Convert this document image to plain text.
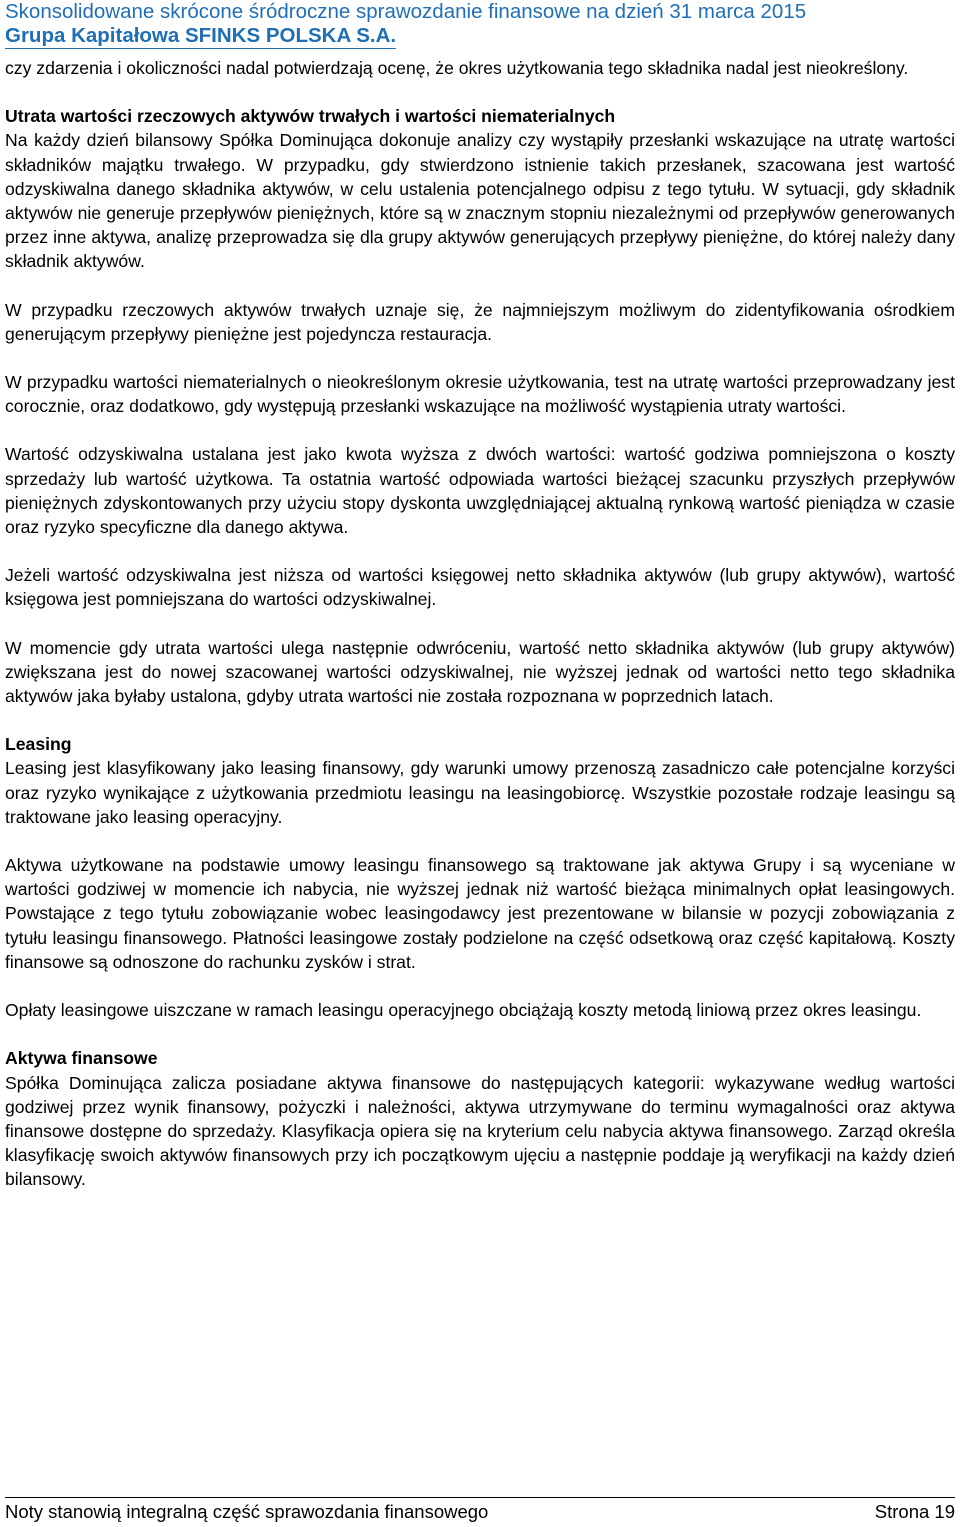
Skonsolidowane skrócone śródroczne sprawozdanie finansowe na dzień 31 marca 2015
Grupa Kapitałowa SFINKS POLSKA S.A.

czy zdarzenia i okoliczności nadal potwierdzają ocenę, że okres użytkowania tego składnika nadal jest nieokreślony.

Utrata wartości rzeczowych aktywów trwałych i wartości niematerialnych

Na każdy dzień bilansowy Spółka Dominująca dokonuje analizy czy wystąpiły przesłanki wskazujące na utratę wartości składników majątku trwałego. W przypadku, gdy stwierdzono istnienie takich przesłanek, szacowana jest wartość odzyskiwalna danego składnika aktywów, w celu ustalenia potencjalnego odpisu z tego tytułu. W sytuacji, gdy składnik aktywów nie generuje przepływów pieniężnych, które są w znacznym stopniu niezależnymi od przepływów generowanych przez inne aktywa, analizę przeprowadza się dla grupy aktywów generujących przepływy pieniężne, do której należy dany składnik aktywów.

W przypadku rzeczowych aktywów trwałych uznaje się, że najmniejszym możliwym do zidentyfikowania ośrodkiem generującym przepływy pieniężne jest pojedyncza restauracja.

W przypadku wartości niematerialnych o nieokreślonym okresie użytkowania, test na utratę wartości przeprowadzany jest corocznie, oraz dodatkowo, gdy występują przesłanki wskazujące na możliwość wystąpienia utraty wartości.

Wartość odzyskiwalna ustalana jest jako kwota wyższa z dwóch wartości: wartość godziwa pomniejszona o koszty sprzedaży lub wartość użytkowa. Ta ostatnia wartość odpowiada wartości bieżącej szacunku przyszłych przepływów pieniężnych zdyskontowanych przy użyciu stopy dyskonta uwzględniającej aktualną rynkową wartość pieniądza w czasie oraz ryzyko specyficzne dla danego aktywa.

Jeżeli wartość odzyskiwalna jest niższa od wartości księgowej netto składnika aktywów (lub grupy aktywów), wartość księgowa jest pomniejszana do wartości odzyskiwalnej.

W momencie gdy utrata wartości ulega następnie odwróceniu, wartość netto składnika aktywów (lub grupy aktywów) zwiększana jest do nowej szacowanej wartości odzyskiwalnej, nie wyższej jednak od wartości netto tego składnika aktywów jaka byłaby ustalona, gdyby utrata wartości nie została rozpoznana w poprzednich latach.

Leasing

Leasing jest klasyfikowany jako leasing finansowy, gdy warunki umowy przenoszą zasadniczo całe potencjalne korzyści oraz ryzyko wynikające z użytkowania przedmiotu leasingu na leasingobiorcę. Wszystkie pozostałe rodzaje leasingu są traktowane jako leasing operacyjny.

Aktywa użytkowane na podstawie umowy leasingu finansowego są traktowane jak aktywa Grupy i są wyceniane w wartości godziwej w momencie ich nabycia, nie wyższej jednak niż wartość bieżąca minimalnych opłat leasingowych. Powstające z tego tytułu zobowiązanie wobec leasingodawcy jest prezentowane w bilansie w pozycji zobowiązania z tytułu leasingu finansowego. Płatności leasingowe zostały podzielone na część odsetkową oraz część kapitałową. Koszty finansowe są odnoszone do rachunku zysków i strat.

Opłaty leasingowe uiszczane w ramach leasingu operacyjnego obciążają koszty metodą liniową przez okres leasingu.

Aktywa finansowe

Spółka Dominująca zalicza posiadane aktywa finansowe do następujących kategorii: wykazywane według wartości godziwej przez wynik finansowy, pożyczki i należności, aktywa utrzymywane do terminu wymagalności oraz aktywa finansowe dostępne do sprzedaży. Klasyfikacja opiera się na kryterium celu nabycia aktywa finansowego. Zarząd określa klasyfikację swoich aktywów finansowych przy ich początkowym ujęciu a następnie poddaje ją weryfikacji na każdy dzień bilansowy.

Noty stanowią integralną część sprawozdania finansowego	Strona 19
